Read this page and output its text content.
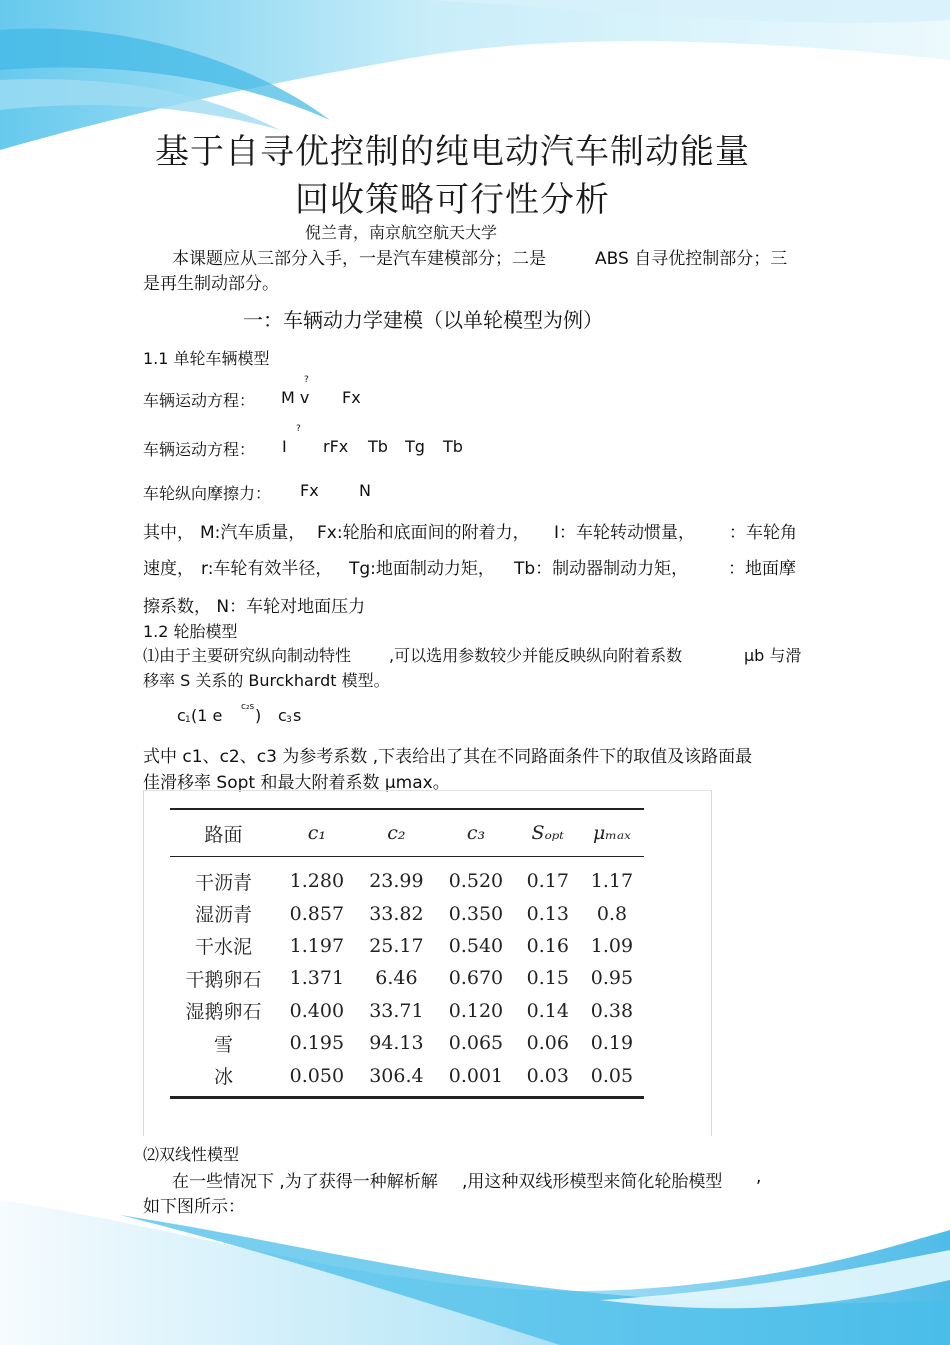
基于自寻优控制的纯电动汽车制动能量
回收策略可行性分析
倪兰青，南京航空航天大学
本课题应从三部分入手，一是汽车建模部分；二是	ABS 自寻优控制部分；三
是再生制动部分。
一：车辆动力学建模（以单轮模型为例）
1.1 单轮车辆模型
车辆运动方程：
?
M v Fx
车辆运动方程：
?
I rFx Tb Tg Tb
车轮纵向摩擦力： Fx	N
其中， M:汽车质量， Fx:轮胎和底面间的附着力， I：车轮转动惯量， ：车轮角
速度， r:车轮有效半径， Tg:地面制动力矩， Tb：制动器制动力矩， ：地面摩
擦系数， N：车轮对地面压力
1.2 轮胎模型
⑴由于主要研究纵向制动特性 ,可以选用参数较少并能反映纵向附着系数	μb 与滑
移率 S 关系的 Burckhardt 模型。
c 1 (1 e c₂s ) c 3 s
式中 c1、c2、c3 为参考系数 ,下表给出了其在不同路面条件下的取值及该路面最
佳滑移率 Sopt 和最大附着系数 μmax。
路面	c₁	c₂	c₃	Sₒₚₜ	μₘₐₓ
干沥青	1.280	23.99	0.520	0.17	1.17
湿沥青	0.857	33.82	0.350	0.13	0.8
干水泥	1.197	25.17	0.540	0.16	1.09
干鹅卵石	1.371	6.46	0.670	0.15	0.95
湿鹅卵石	0.400	33.71	0.120	0.14	0.38
雪	0.195	94.13	0.065	0.06	0.19
冰	0.050	306.4	0.001	0.03	0.05
⑵双线性模型
在一些情况下 ,为了获得一种解析解 ,用这种双线形模型来简化轮胎模型 ,
如下图所示：
